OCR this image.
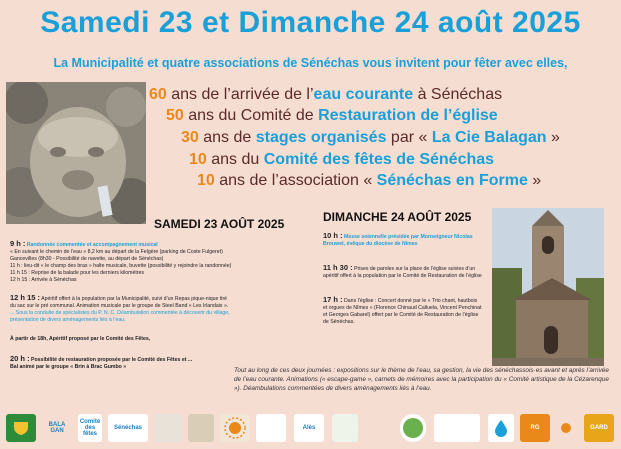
Samedi 23 et Dimanche 24 août 2025
La Municipalité et quatre associations de Sénéchas vous invitent pour fêter avec elles,
60 ans de l’arrivée de l’eau courante à Sénéchas
50 ans du Comité de Restauration de l’église
30 ans de stages organisés par « La Cie Balagan »
10 ans du Comité des fêtes de Sénéchas
10 ans de l’association « Sénéchas en Forme »
SAMEDI 23 AOÛT 2025	DIMANCHE 24 AOÛT 2025

9 h : Randonnée commentée et accompagnement musical
« En suivant le chemin de l’eau » 8,2 km au départ de la Felgère (parking de Coste Fulgeret)
Gancevilles (8h30 - Possibilité de navette, au départ de Sénéchas)
11 h : lieu-dit « le champ des bras » halte musicale, buvette (possibilité y rejoindre la randonnée)
11 h 15 : Reprise de la balade pour les derniers kilomètres
12 h 15 : Arrivée à Sénéchas

12 h 15 : Apéritif offert à la population par la Municipalité, suivi d’un Repas pique-nique tiré du sac sur le pré communal. Animation musicale par le groupe de Steel Band « Les Irlandais ».
... Sous la conduite de spécialistes du P. N. C. Déambulation commentée à découvrir du village, présentation de divers aménagements liés à l’eau.

À partir de 18h, Apéritif proposé par le Comité des Fêtes,

20 h : Possibilité de restauration proposée par le Comité des Fêtes et ...
Bal animé par le groupe « Brin à Brac Gumbo »

10 h : Messe solennelle présidée par Monseigneur Nicolas Brouwet, évêque du diocèse de Nîmes

11 h 30 : Prises de paroles sur la place de l’église suivies d’un apéritif offert à la population par le Comité de Restauration de l’église

17 h : Dans l’église : Concert donné par le « Trio chant, hautbois et orgues de Nîmes » (Florence Chinaud Calluela, Vincent Penchinat et Georges Gabarel) offert par le Comité de Restauration de l’église de Sénéchas.

Tout au long de ces deux journées : expositions sur le thème de l’eau, sa gestion, la vie des sénéchassois·es avant et après l’arrivée de l’eau courante. Animations (« escape-game », carnets de mémoires avec la participation du « Comité artistique de la Cézarenque »). Déambulations commentées de divers aménagements liés à l’eau.
BALA GAN
Comité des fêtes
Sénéchas	Alès	RG	GARD
